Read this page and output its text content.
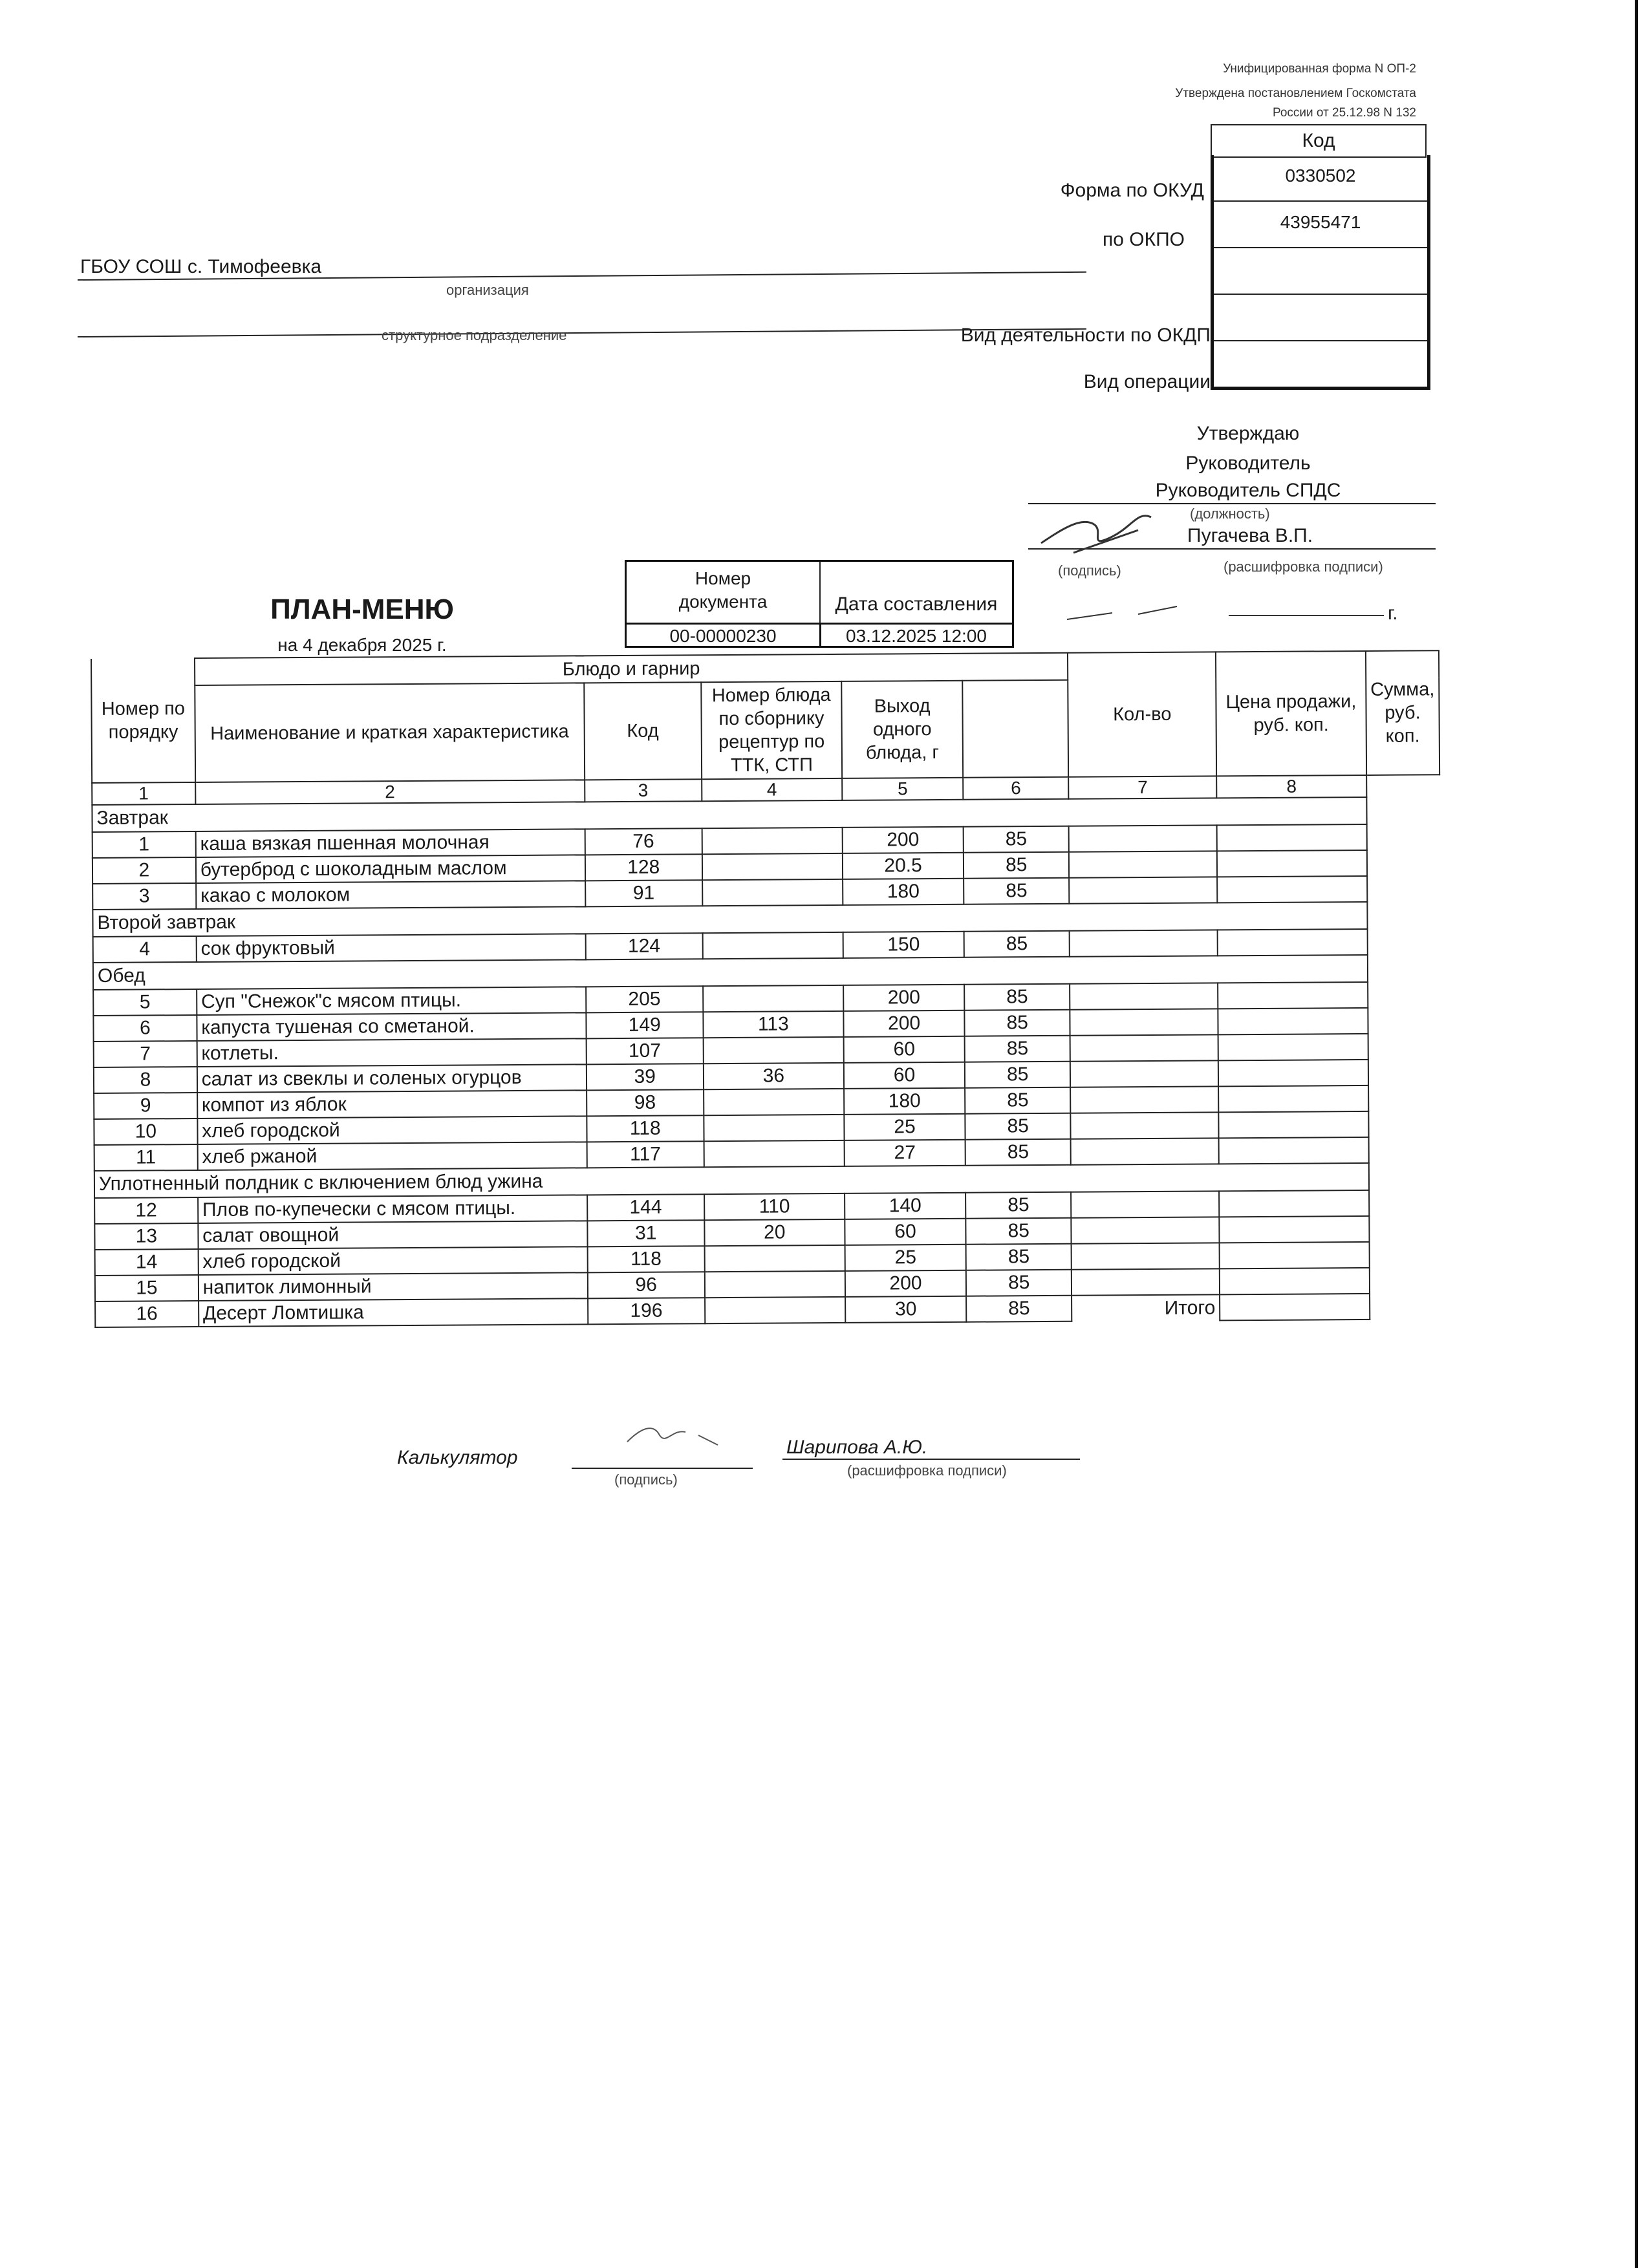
Унифицированная форма N ОП-2
Утверждена постановлением Госкомстата
России от 25.12.98 N 132
Код
0330502
43955471
Форма по ОКУД
по ОКПО
Вид деятельности по ОКДП
Вид операции
ГБОУ СОШ с. Тимофеевка
организация
структурное подразделение
Утверждаю
Руководитель
Руководитель СПДС
(должность)
Пугачева В.П.
(подпись)	(расшифровка подписи)
г.
ПЛАН-МЕНЮ
на 4 декабря 2025 г.
Номер документа	Дата составления
00-00000230	03.12.2025 12:00
Номер по порядку	Блюдо и гарнир					Кол-во	Цена продажи, руб. коп.	Сумма, руб. коп.
	Наименование и краткая характеристика	Код	Номер блюда по сборнику рецептур по ТТК, СТП	Выход одного блюда, г				
1	2	3	4	5	6	7	8	
Завтрак								
1	каша вязкая пшенная молочная	76		200	85			
2	бутерброд с шоколадным маслом	128		20.5	85			
3	какао с молоком	91		180	85			
Второй завтрак								
4	сок фруктовый	124		150	85			
Обед								
5	Суп "Снежок"с мясом птицы.	205		200	85			
6	капуста тушеная со сметаной.	149	113	200	85			
7	котлеты.	107		60	85			
8	салат из свеклы и соленых огурцов	39	36	60	85			
9	компот из яблок	98		180	85			
10	хлеб городской	118		25	85			
11	хлеб ржаной	117		27	85			
Уплотненный полдник с включением блюд ужина								
12	Плов по-купечески с мясом птицы.	144	110	140	85			
13	салат овощной	31	20	60	85			
14	хлеб городской	118		25	85			
15	напиток лимонный	96		200	85			
16	Десерт Ломтишка	196		30	85	Итого		
Калькулятор
(подпись)
Шарипова А.Ю.
(расшифровка подписи)
